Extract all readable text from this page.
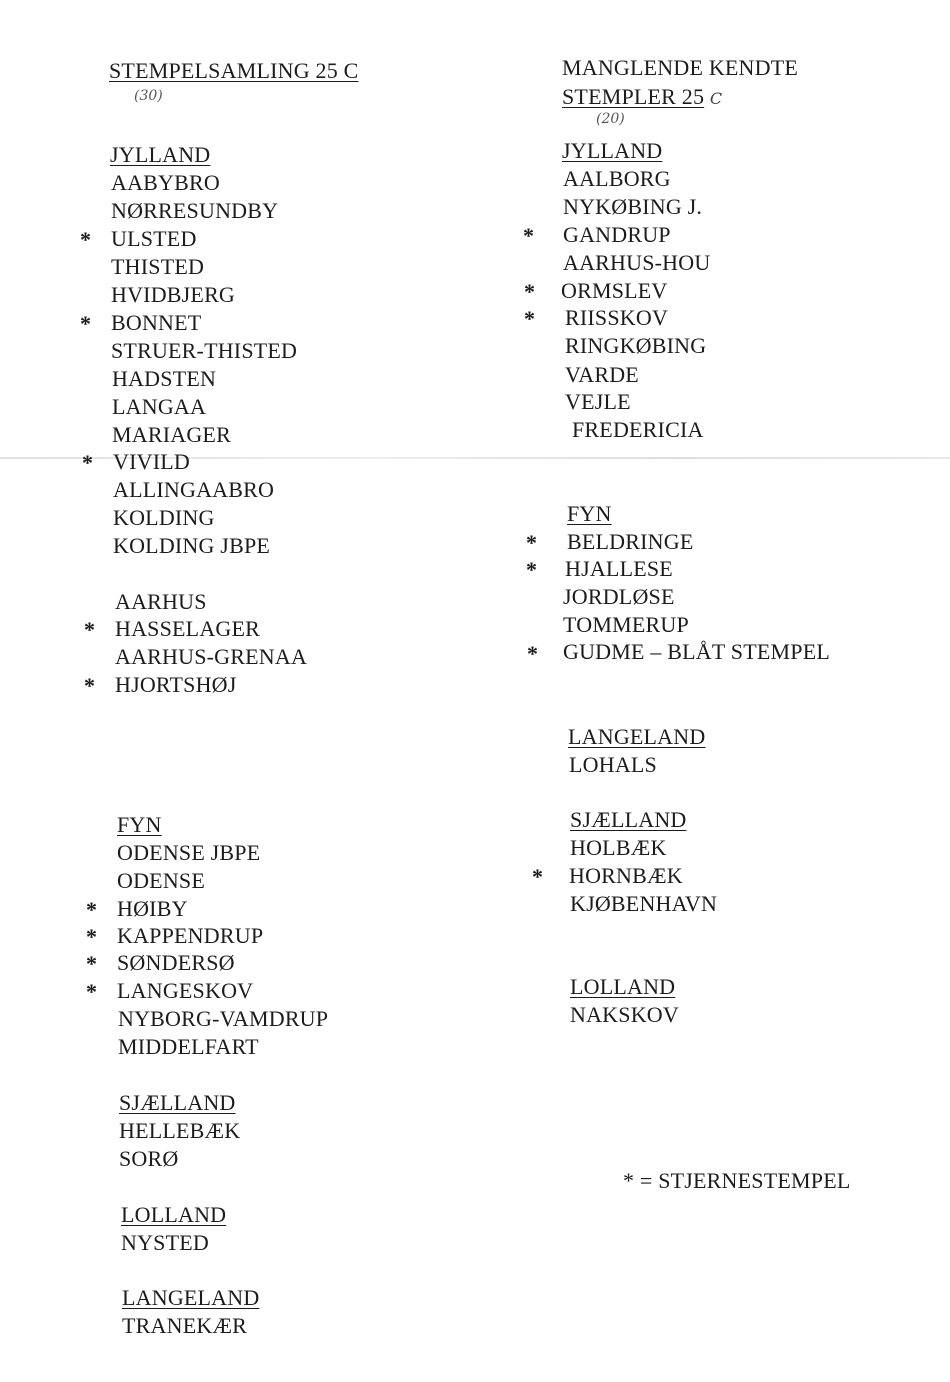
STEMPELSAMLING 25 C
(30)
JYLLAND
AABYBRO
NØRRESUNDBY
* ULSTED
THISTED
HVIDBJERG
* BONNET
STRUER-THISTED
HADSTEN
LANGAA
MARIAGER
* VIVILD
ALLINGAABRO
KOLDING
KOLDING JBPE
AARHUS
* HASSELAGER
AARHUS-GRENAA
* HJORTSHØJ
FYN
ODENSE JBPE
ODENSE
* HØIBY
* KAPPENDRUP
* SØNDERSØ
* LANGESKOV
NYBORG-VAMDRUP
MIDDELFART
SJÆLLAND
HELLEBÆK
SORØ
LOLLAND
NYSTED
LANGELAND
TRANEKÆR
MANGLENDE KENDTE
STEMPLER 25 C
(20)
JYLLAND
AALBORG
NYKØBING J.
* GANDRUP
AARHUS-HOU
* ORMSLEV
* RIISSKOV
RINGKØBING
VARDE
VEJLE
FREDERICIA
FYN
* BELDRINGE
* HJALLESE
JORDLØSE
TOMMERUP
* GUDME – BLÅT STEMPEL
LANGELAND
LOHALS
SJÆLLAND
HOLBÆK
* HORNBÆK
KJØBENHAVN
LOLLAND
NAKSKOV
* = STJERNESTEMPEL
